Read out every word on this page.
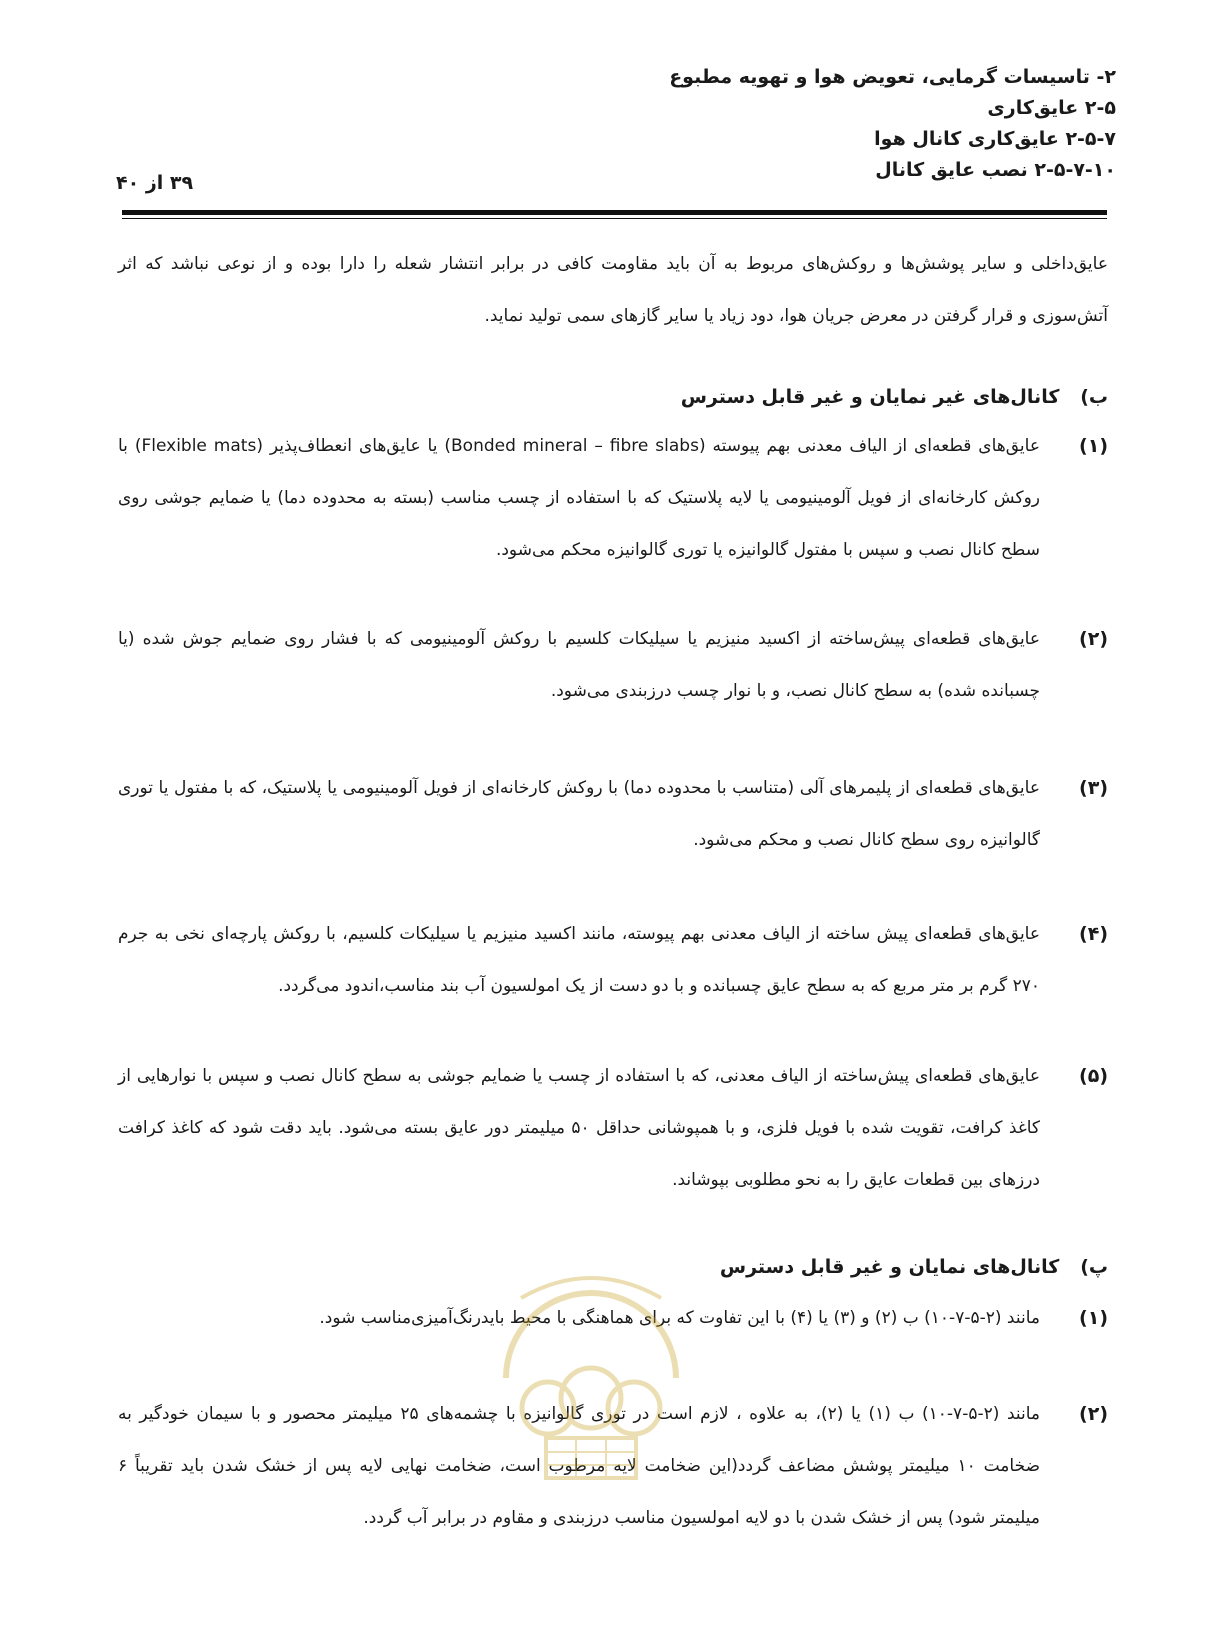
۲- تاسیسات گرمایی، تعویض هوا و تهویه مطبوع

۲-۵ عایق‌کاری

۲-۵-۷ عایق‌کاری کانال هوا

۲-۵-۷-۱۰ نصب عایق کانال

۳۹ از ۴۰
عایق‌داخلی و سایر پوشش‌ها و روکش‌های مربوط به آن باید مقاومت کافی در برابر انتشار شعله را دارا بوده و از نوعی نباشد که اثر آتش‌سوزی و قرار گرفتن در معرض جریان هوا، دود زیاد یا سایر گازهای سمی تولید نماید.
ب) کانال‌های غیر نمایان و غیر قابل دسترس
(۱)
عایق‌های قطعه‌ای از الیاف معدنی بهم پیوسته (Bonded mineral – fibre slabs) یا عایق‌های انعطاف‌پذیر (Flexible mats) با روکش کارخانه‌ای از فویل آلومینیومی یا لایه پلاستیک که با استفاده از چسب مناسب (بسته به محدوده دما) یا ضمایم جوشی روی سطح کانال نصب و سپس با مفتول گالوانیزه یا توری گالوانیزه محکم می‌شود.
(۲)
عایق‌های قطعه‌ای پیش‌ساخته از اکسید منیزیم یا سیلیکات کلسیم با روکش آلومینیومی که با فشار روی ضمایم جوش شده (یا چسبانده شده) به سطح کانال نصب، و با نوار چسب درزبندی می‌شود.
(۳)
عایق‌های قطعه‌ای از پلیمرهای آلی (متناسب با محدوده دما) با روکش کارخانه‌ای از فویل آلومینیومی یا پلاستیک، که با مفتول یا توری گالوانیزه روی سطح کانال نصب و محکم می‌شود.
(۴)
عایق‌های قطعه‌ای پیش ساخته از الیاف معدنی بهم پیوسته، مانند اکسید منیزیم یا سیلیکات کلسیم، با روکش پارچه‌ای نخی به جرم ۲۷۰ گرم بر متر مربع که به سطح عایق چسبانده و با دو دست از یک امولسیون آب بند مناسب،اندود می‌گردد.
(۵)
عایق‌های قطعه‌ای پیش‌ساخته از الیاف معدنی، که با استفاده از چسب یا ضمایم جوشی به سطح کانال نصب و سپس با نوارهایی از کاغذ کرافت، تقویت شده با فویل فلزی، و با همپوشانی حداقل ۵۰ میلیمتر دور عایق بسته می‌شود. باید دقت شود که کاغذ کرافت درزهای بین قطعات عایق را به نحو مطلوبی بپوشاند.
پ) کانال‌های نمایان و غیر قابل دسترس
(۱)
مانند (۲-۵-۷-۱۰) ب (۲) و (۳) یا (۴) با این تفاوت که برای هماهنگی با محیط بایدرنگ‌آمیزی‌مناسب شود.
(۲)
مانند (۲-۵-۷-۱۰) ب (۱) یا (۲)، به علاوه ، لازم است در توری گالوانیزه با چشمه‌های ۲۵ میلیمتر محصور و با سیمان خودگیر به ضخامت ۱۰ میلیمتر پوشش مضاعف گردد(این ضخامت لایه مرطوب است، ضخامت نهایی لایه پس از خشک شدن باید تقریباً ۶ میلیمتر شود) پس از خشک شدن با دو لایه امولسیون مناسب درزبندی و مقاوم در برابر آب گردد.
